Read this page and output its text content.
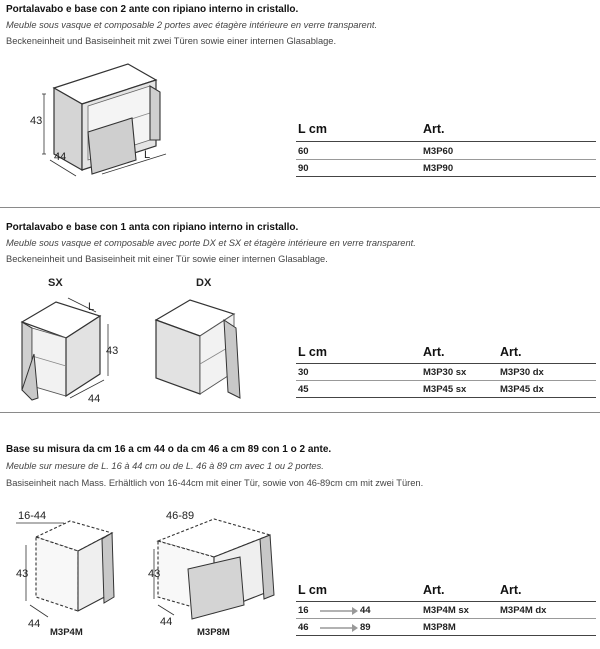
Portalavabo e base con 2 ante con ripiano interno in cristallo.
Meuble sous vasque et composable 2 portes avec étagère intérieure en verre transparent.
Beckeneinheit und Basiseinheit mit zwei Türen sowie einer internen Glasablage.
43
44	L
L cm	Art.
60	M3P60
90	M3P90
Portalavabo e base con 1 anta con ripiano interno in cristallo.
Meuble sous vasque et composable avec porte DX et SX et étagère intérieure en verre transparent.
Beckeneinheit und Basiseinheit mit einer Tür sowie einer internen Glasablage.
SX	DX
L
43
44
L cm	Art.	Art.
30	M3P30 sx	M3P30 dx
45	M3P45 sx	M3P45 dx
Base su misura da cm 16 a cm 44 o da cm 46 a cm 89 con 1 o 2 ante.
Meuble sur mesure de L. 16 à 44 cm ou de L. 46 à 89 cm avec 1 ou 2 portes.
Basiseinheit nach Mass. Erhältlich von 16-44cm mit einer Tür, sowie von 46-89cm cm mit zwei Türen.
16-44
43
44
46-89
43
44
M3P4M	M3P8M
L cm	Art.	Art.
16	44	M3P4M sx	M3P4M dx
46	89	M3P8M
